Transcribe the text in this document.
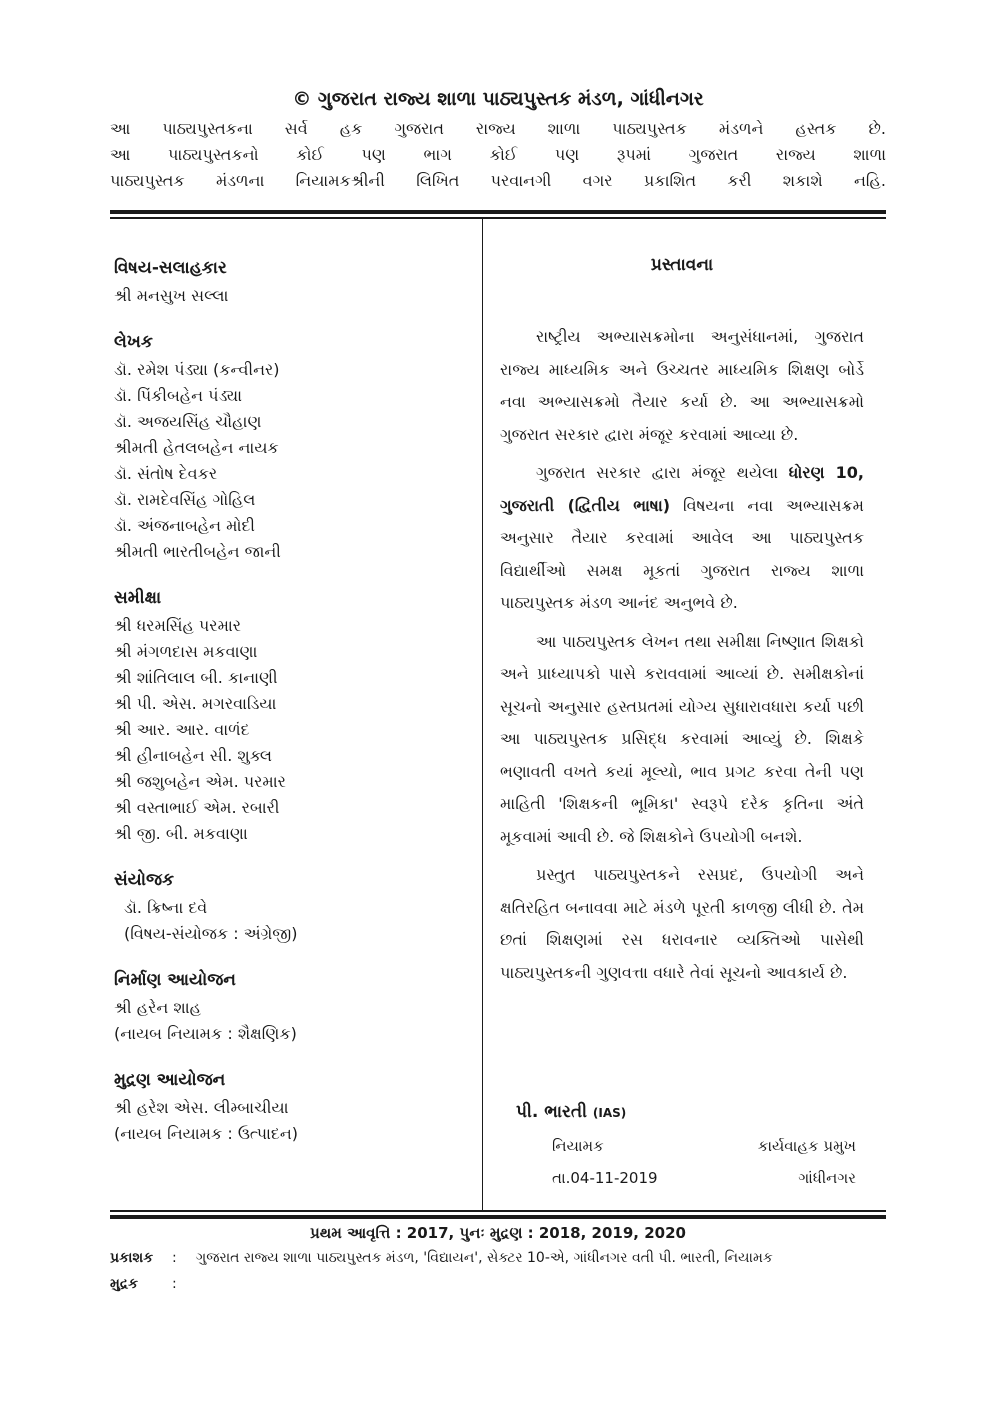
© ગુજરાત રાજ્ય શાળા પાઠ્યપુસ્તક મંડળ, ગાંધીનગર
આ પાઠ્યપુસ્તકના સર્વ હક ગુજરાત રાજ્ય શાળા પાઠ્યપુસ્તક મંડળને હસ્તક છે.
આ પાઠ્યપુસ્તકનો કોઈ પણ ભાગ કોઈ પણ રૂપમાં ગુજરાત રાજ્ય શાળા
પાઠ્યપુસ્તક મંડળના નિયામકશ્રીની લિખિત પરવાનગી વગર પ્રકાશિત કરી શકાશે નહિ.
વિષય-સલાહકાર
શ્રી મનસુખ સલ્લા
લેખક
ડૉ. રમેશ પંડ્યા (કન્વીનર)
ડૉ. પિંકીબહેન પંડ્યા
ડૉ. અજયસિંહ ચૌહાણ
શ્રીમતી હેતલબહેન નાયક
ડૉ. સંતોષ દેવકર
ડૉ. રામદેવસિંહ ગોહિલ
ડૉ. અંજનાબહેન મોદી
શ્રીમતી ભારતીબહેન જાની
સમીક્ષા
શ્રી ધરમસિંહ પરમાર
શ્રી મંગળદાસ મકવાણા
શ્રી શાંતિલાલ બી. કાનાણી
શ્રી પી. એસ. મગરવાડિયા
શ્રી આર. આર. વાળંદ
શ્રી હીનાબહેન સી. શુક્લ
શ્રી જશુબહેન એમ. પરમાર
શ્રી વસ્તાભાઈ એમ. રબારી
શ્રી જી. બી. મકવાણા
સંયોજક
ડૉ. ક્રિષ્ના દવે
(વિષય-સંયોજક : અંગ્રેજી)
નિર્માણ આયોજન
શ્રી હરેન શાહ
(નાયબ નિયામક : શૈક્ષણિક)
મુદ્રણ આયોજન
શ્રી હરેશ એસ. લીમ્બાચીયા
(નાયબ નિયામક : ઉત્પાદન)
પ્રસ્તાવના

રાષ્ટ્રીય અભ્યાસક્રમોના અનુસંધાનમાં, ગુજરાત રાજ્ય માધ્યમિક અને ઉચ્ચતર માધ્યમિક શિક્ષણ બોર્ડે નવા અભ્યાસક્રમો તૈયાર કર્યા છે. આ અભ્યાસક્રમો ગુજરાત સરકાર દ્વારા મંજૂર કરવામાં આવ્યા છે.

ગુજરાત સરકાર દ્વારા મંજૂર થયેલા ધોરણ 10, ગુજરાતી (દ્વિતીય ભાષા) વિષયના નવા અભ્યાસક્રમ અનુસાર તૈયાર કરવામાં આવેલ આ પાઠ્યપુસ્તક વિદ્યાર્થીઓ સમક્ષ મૂકતાં ગુજરાત રાજ્ય શાળા પાઠ્યપુસ્તક મંડળ આનંદ અનુભવે છે.

આ પાઠ્યપુસ્તક લેખન તથા સમીક્ષા નિષ્ણાત શિક્ષકો અને પ્રાધ્યાપકો પાસે કરાવવામાં આવ્યાં છે. સમીક્ષકોનાં સૂચનો અનુસાર હસ્તપ્રતમાં યોગ્ય સુધારાવધારા કર્યા પછી આ પાઠ્યપુસ્તક પ્રસિદ્ધ કરવામાં આવ્યું છે. શિક્ષકે ભણાવતી વખતે કયાં મૂલ્યો, ભાવ પ્રગટ કરવા તેની પણ માહિતી 'શિક્ષકની ભૂમિકા' સ્વરૂપે દરેક કૃતિના અંતે મૂકવામાં આવી છે. જે શિક્ષકોને ઉપયોગી બનશે.

પ્રસ્તુત પાઠ્યપુસ્તકને રસપ્રદ, ઉપયોગી અને ક્ષતિરહિત બનાવવા માટે મંડળે પૂરતી કાળજી લીધી છે. તેમ છતાં શિક્ષણમાં રસ ધરાવનાર વ્યક્તિઓ પાસેથી પાઠ્યપુસ્તકની ગુણવત્તા વધારે તેવાં સૂચનો આવકાર્ય છે.

પી. ભારતી (IAS)
નિયામક	કાર્યવાહક પ્રમુખ
તા.04-11-2019	ગાંધીનગર
પ્રથમ આવૃત્તિ : 2017, પુનઃ મુદ્રણ : 2018, 2019, 2020
પ્રકાશક	:	ગુજરાત રાજ્ય શાળા પાઠ્યપુસ્તક મંડળ, 'વિદ્યાયન', સેક્ટર 10-એ, ગાંધીનગર વતી પી. ભારતી, નિયામક
મુદ્રક	:
